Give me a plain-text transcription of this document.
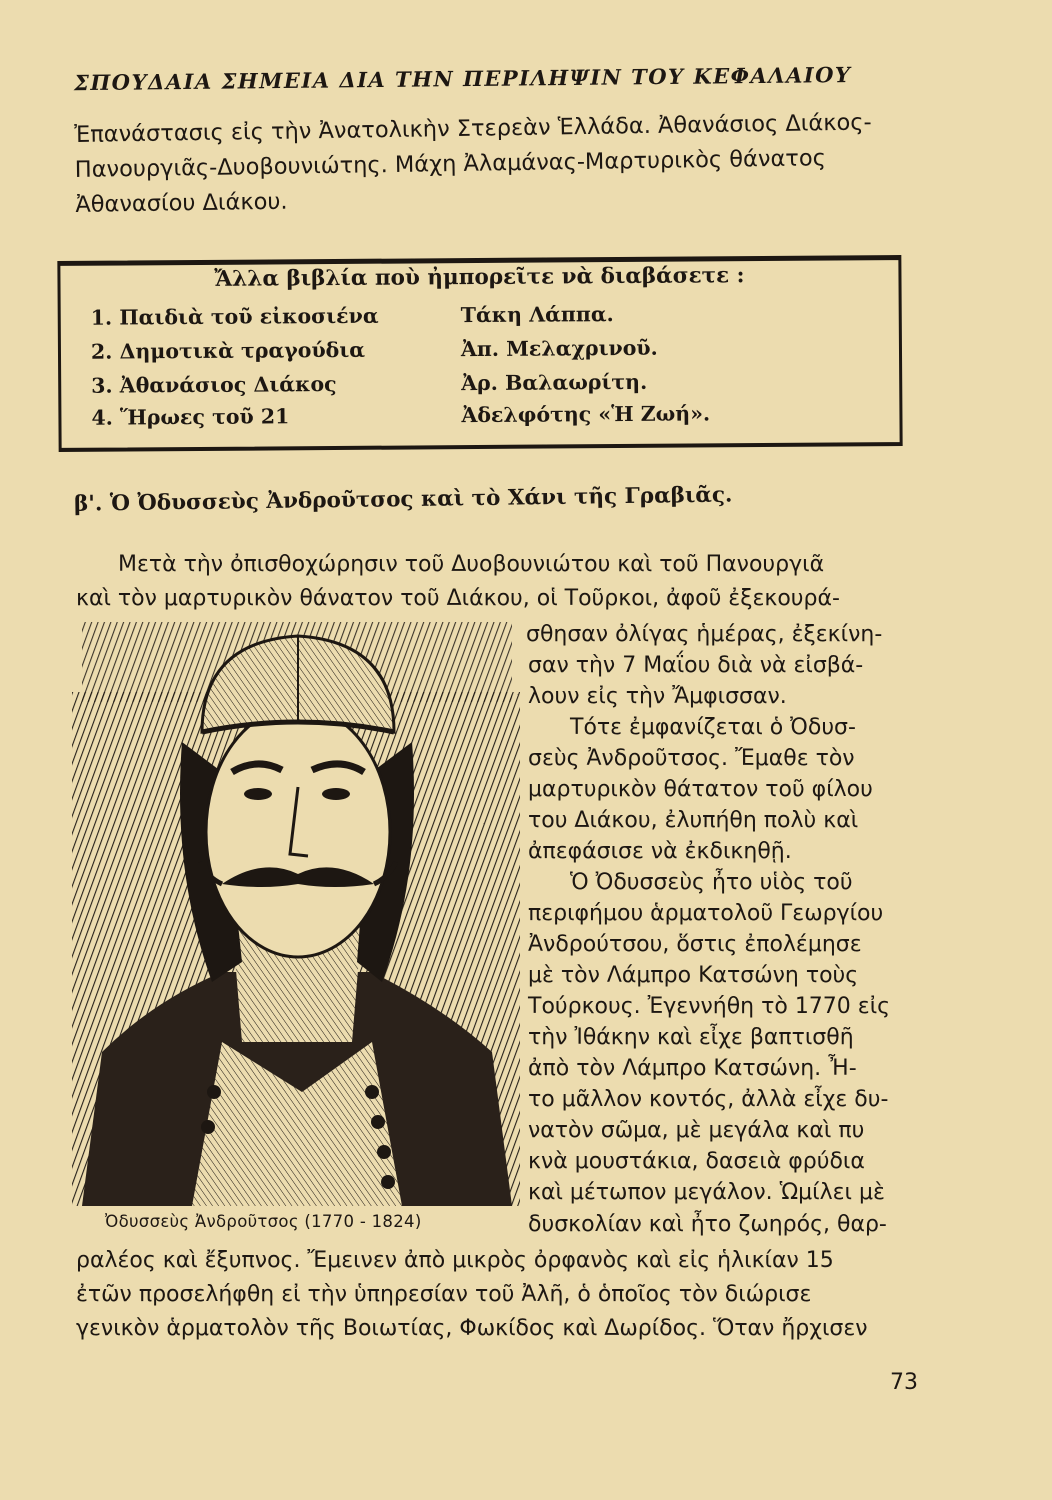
ΣΠΟΥΔΑΙΑ ΣΗΜΕΙΑ ΔΙΑ ΤΗΝ ΠΕΡΙΛΗΨΙΝ ΤΟΥ ΚΕΦΑΛΑΙΟΥ
Ἐπανάστασις εἰς τὴν Ἀνατολικὴν Στερεὰν Ἑλλάδα. Ἀθανάσιος Διάκος-Πανουργιᾶς-Δυοβουνιώτης. Μάχη Ἀλαμάνας-Μαρτυρικὸς θάνατος Ἀθανασίου Διάκου.
Ἄλλα βιβλία ποὺ ἠμπορεῖτε νὰ διαβάσετε :
1. Παιδιὰ τοῦ εἰκοσιένα	Τάκη Λάππα.
2. Δημοτικὰ τραγούδια	Ἀπ. Μελαχρινοῦ.
3. Ἀθανάσιος Διάκος	Ἀρ. Βαλαωρίτη.
4. Ἥρωες τοῦ 21	Ἀδελφότης «Ἡ Ζωή».
β'. Ὁ Ὀδυσσεὺς Ἀνδροῦτσος καὶ τὸ Χάνι τῆς Γραβιᾶς.
Μετὰ τὴν ὀπισθοχώρησιν τοῦ Δυοβουνιώτου καὶ τοῦ Πανουργιᾶ
καὶ τὸν μαρτυρικὸν θάνατον τοῦ Διάκου, οἱ Τοῦρκοι, ἀφοῦ ἐξεκουρά-
σθησαν ὀλίγας ἡμέρας, ἐξεκίνη-
σαν τὴν 7 Μαΐου διὰ νὰ εἰσβά-
λουν εἰς τὴν Ἄμφισσαν.
Τότε ἐμφανίζεται ὁ Ὀδυσ-
σεὺς Ἀνδροῦτσος. Ἔμαθε τὸν
μαρτυρικὸν θάτατον τοῦ φίλου
του Διάκου, ἐλυπήθη πολὺ καὶ
ἀπεφάσισε νὰ ἐκδικηθῇ.
Ὁ Ὀδυσσεὺς ἦτο υἱὸς τοῦ
περιφήμου ἁρματολοῦ Γεωργίου
Ἀνδρούτσου, ὅστις ἐπολέμησε
μὲ τὸν Λάμπρο Κατσώνη τοὺς
Τούρκους. Ἐγεννήθη τὸ 1770 εἰς
τὴν Ἰθάκην καὶ εἶχε βαπτισθῆ
ἀπὸ τὸν Λάμπρο Κατσώνη. Ἦ-
το μᾶλλον κοντός, ἀλλὰ εἶχε δυ-
νατὸν σῶμα, μὲ μεγάλα καὶ πυ
κνὰ μουστάκια, δασειὰ φρύδια
καὶ μέτωπον μεγάλον. Ὡμίλει μὲ
δυσκολίαν καὶ ἦτο ζωηρός, θαρ-
ραλέος καὶ ἔξυπνος. Ἔμεινεν ἀπὸ μικρὸς ὀρφανὸς καὶ εἰς ἡλικίαν 15
ἐτῶν προσελήφθη εἰ τὴν ὑπηρεσίαν τοῦ Ἀλῆ, ὁ ὁποῖος τὸν διώρισε
γενικὸν ἁρματολὸν τῆς Βοιωτίας, Φωκίδος καὶ Δωρίδος. Ὅταν ἤρχισεν
Ὀδυσσεὺς Ἀνδροῦτσος (1770 - 1824)
73
